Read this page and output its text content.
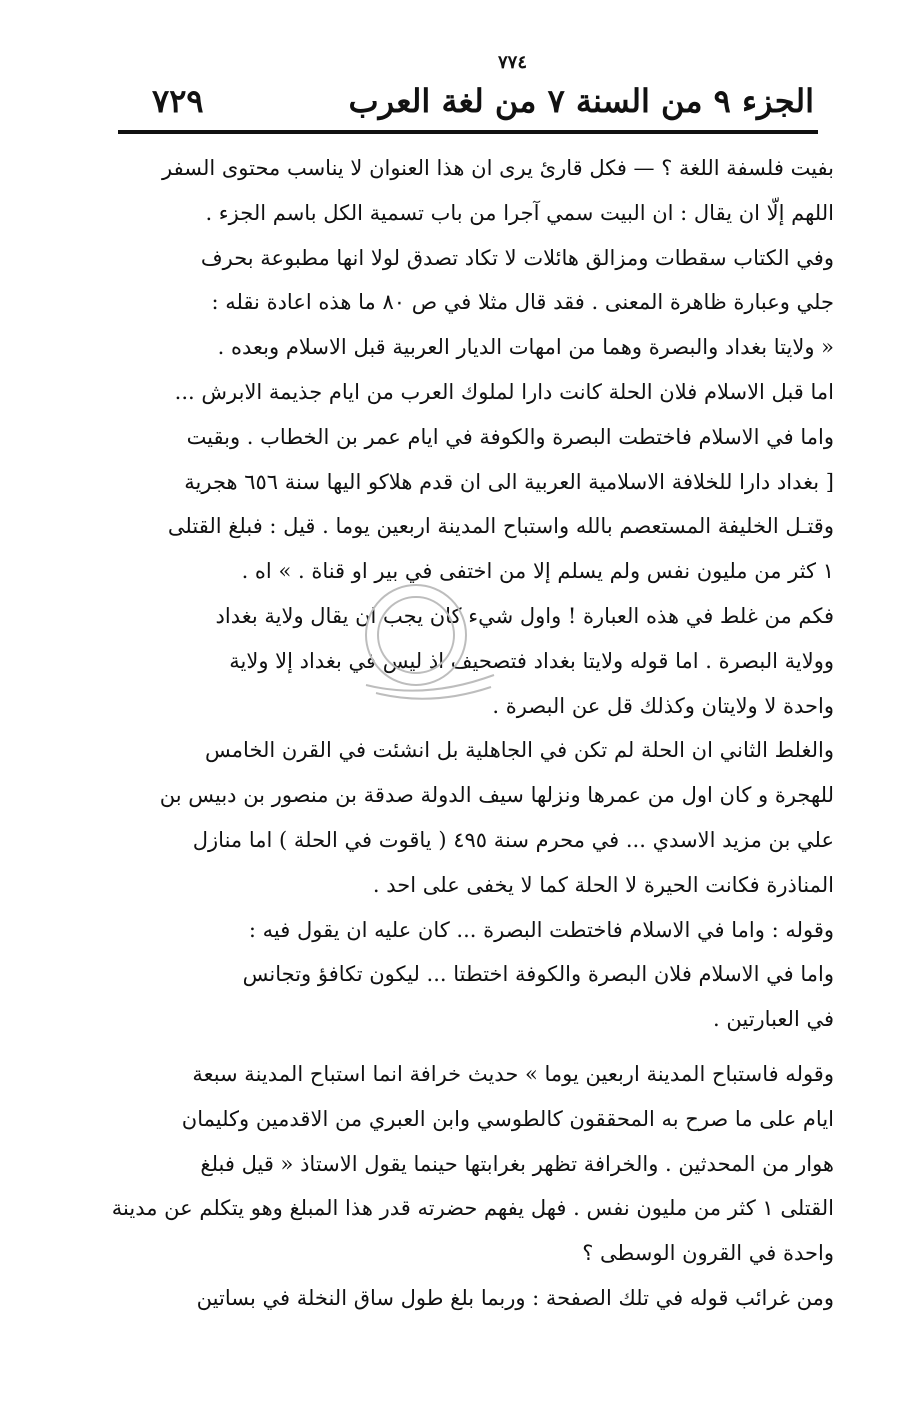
٧٧٤
الجزء ٩ من السنة ٧ من لغة العرب
٧٢٩

بفيت فلسفة اللغة ؟ — فكل قارئ يرى ان هذا العنوان لا يناسب محتوى السفر
اللهم إلّا ان يقال : ان البيت سمي آجرا من باب تسمية الكل باسم الجزء .

وفي الكتاب سقطات ومزالق هائلات لا تكاد تصدق لولا انها مطبوعة بحرف
جلي وعبارة ظاهرة المعنى . فقد قال مثلا في ص ٨٠ ما هذه اعادة نقله :

« ولايتا بغداد والبصرة وهما من امهات الديار العربية قبل الاسلام وبعده .
اما قبل الاسلام فلان الحلة كانت دارا لملوك العرب من ايام جذيمة الابرش ...
واما في الاسلام فاختطت البصرة والكوفة في ايام عمر بن الخطاب . وبقيت
[ بغداد دارا للخلافة الاسلامية العربية الى ان قدم هلاكو اليها سنة ٦٥٦ هجرية
وقتـل الخليفة المستعصم بالله واستباح المدينة اربعين يوما . قيل : فبلغ القتلى
١ كثر من مليون نفس ولم يسلم إلا من اختفى في بير او قناة . » اه .

فكم من غلط في هذه العبارة ! واول شيء كان يجب ان يقال ولاية بغداد
وولاية البصرة . اما قوله ولايتا بغداد فتصحيف اذ ليس في بغداد إلا ولاية
واحدة لا ولايتان وكذلك قل عن البصرة .

والغلط الثاني ان الحلة لم تكن في الجاهلية بل انشئت في القرن الخامس
للهجرة و كان اول من عمرها ونزلها سيف الدولة صدقة بن منصور بن دبيس بن
علي بن مزيد الاسدي ... في محرم سنة ٤٩٥ ( ياقوت في الحلة ) اما منازل
المناذرة فكانت الحيرة لا الحلة كما لا يخفى على احد .

وقوله : واما في الاسلام فاختطت البصرة ... كان عليه ان يقول فيه :
واما في الاسلام فلان البصرة والكوفة اختطتا ... ليكون تكافؤ وتجانس
في العبارتين .

وقوله فاستباح المدينة اربعين يوما » حديث خرافة انما استباح المدينة سبعة
ايام على ما صرح به المحققون كالطوسي وابن العبري من الاقدمين وكليمان
هوار من المحدثين . والخرافة تظهر بغرابتها حينما يقول الاستاذ « قيل فبلغ
القتلى ١ كثر من مليون نفس . فهل يفهم حضرته قدر هذا المبلغ وهو يتكلم عن مدينة
واحدة في القرون الوسطى ؟

ومن غرائب قوله في تلك الصفحة : وربما بلغ طول ساق النخلة في بساتين
